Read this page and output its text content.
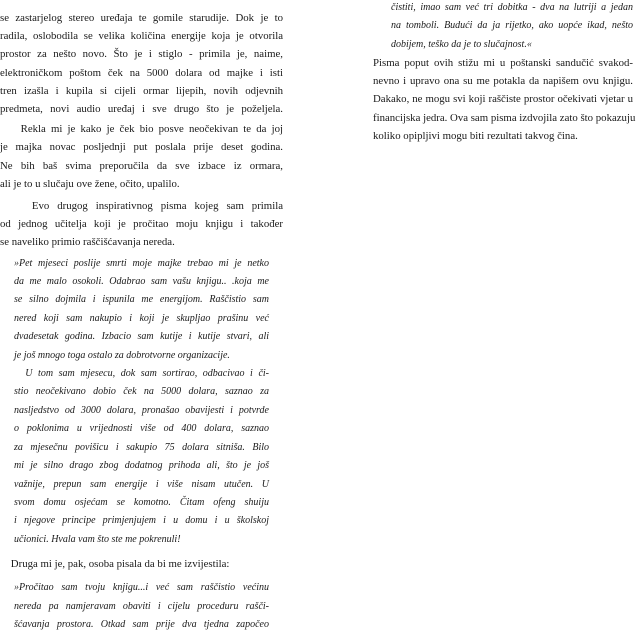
se zastarjelog stereo uređaja te gomile starudije. Dok je to
radila, oslobodila se velika količina energije koja je otvorila
prostor za nešto novo. Što je i stiglo - primila je, naime,
elektroničkom poštom ček na 5000 dolara od majke i isti
tren izašla i kupila si cijeli ormar lijepih, novih odjevnih
predmeta, novi audio uređaj i sve drugo što je poželjela.
Rekla mi je kako je ček bio posve neočekivan te da joj
je majka novac posljednji put poslala prije deset godina.
Ne bih baš svima preporučila da sve izbace iz ormara,
ali je to u slučaju ove žene, očito, upalilo.
Evo drugog inspirativnog pisma kojeg sam primila
od jednog učitelja koji je pročitao moju knjigu i također
se naveliko primio raščišćavanja nereda.
»Pet mjeseci poslije smrti moje majke trebao mi je netko
da me malo osokoli. Odabrao sam vašu knjigu.. .koja me
se silno dojmila i ispunila me energijom. Raščistio sam
nered koji sam nakupio i koji je skupljao prašinu već
dvadesetak godina. Izbacio sam kutije i kutije stvari, ali
je još mnogo toga ostalo za dobrotvorne organizacije.
U tom sam mjesecu, dok sam sortirao, odbacivao i či-
stio neočekivano dobio ček na 5000 dolara, saznao za
nasljedstvo od 3000 dolara, pronašao obavijesti i potvrde
o poklonima u vrijednosti više od 400 dolara, saznao
za mjesečnu povišicu i sakupio 75 dolara sitniša. Bilo
mi je silno drago zbog dodatnog prihoda ali, što je još
važnije, prepun sam energije i više nisam utučen. U
svom domu osjećam se komotno. Čitam ofeng shuiju
i njegove principe primjenjujem i u domu i u školskoj
učionici. Hvala vam što ste me pokrenuli!
Druga mi je, pak, osoba pisala da bi me izvijestila:
»Pročitao sam tvoju knjigu...i već sam raščistio većinu
nereda pa namjeravam obaviti i cijelu proceduru rašči-
šćavanja prostora. Otkad sam prije dva tjedna započeo
čistiti, imao sam već tri dobitka - dva na lutriji a jedan
na tomboli. Budući da ja rijetko, ako uopće ikad, nešto
dobijem, teško da je to slučajnost.«
Pisma poput ovih stižu mi u poštanski sandučić svakod-
nevno i upravo ona su me potakla da napišem ovu knjigu.
Dakako, ne mogu svi koji raščiste prostor očekivati vjetar u
financijska jedra. Ova sam pisma izdvojila zato što pokazuju
koliko opipljivi mogu biti rezultati takvog čina.
